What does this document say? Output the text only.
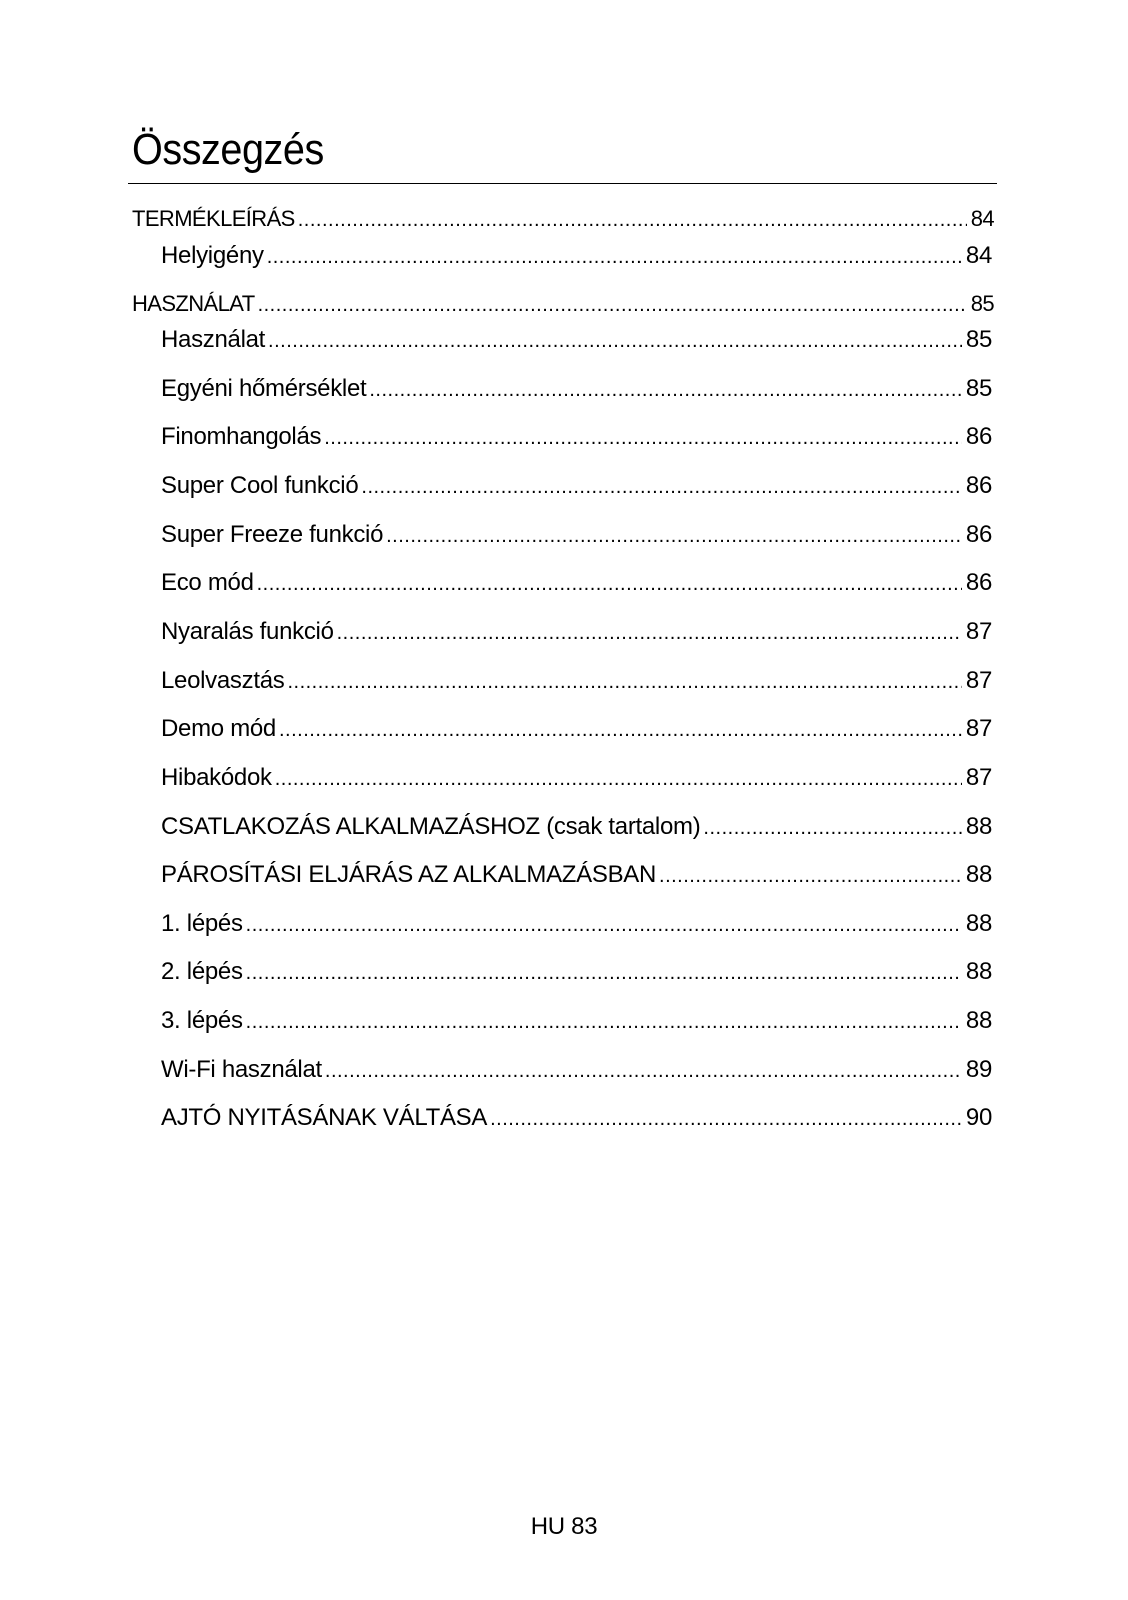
Összegzés
TERMÉKLEÍRÁS .....	84
Helyigény .....	84
HASZNÁLAT .....	85
Használat .....	85
Egyéni hőmérséklet .....	85
Finomhangolás .....	86
Super Cool funkció .....	86
Super Freeze funkció .....	86
Eco mód .....	86
Nyaralás funkció .....	87
Leolvasztás .....	87
Demo mód .....	87
Hibakódok .....	87
CSATLAKOZÁS ALKALMAZÁSHOZ (csak tartalom) .....	88
PÁROSÍTÁSI ELJÁRÁS AZ ALKALMAZÁSBAN .....	88
1. lépés .....	88
2. lépés .....	88
3. lépés .....	88
Wi-Fi használat .....	89
AJTÓ NYITÁSÁNAK VÁLTÁSA .....	90
HU 83
